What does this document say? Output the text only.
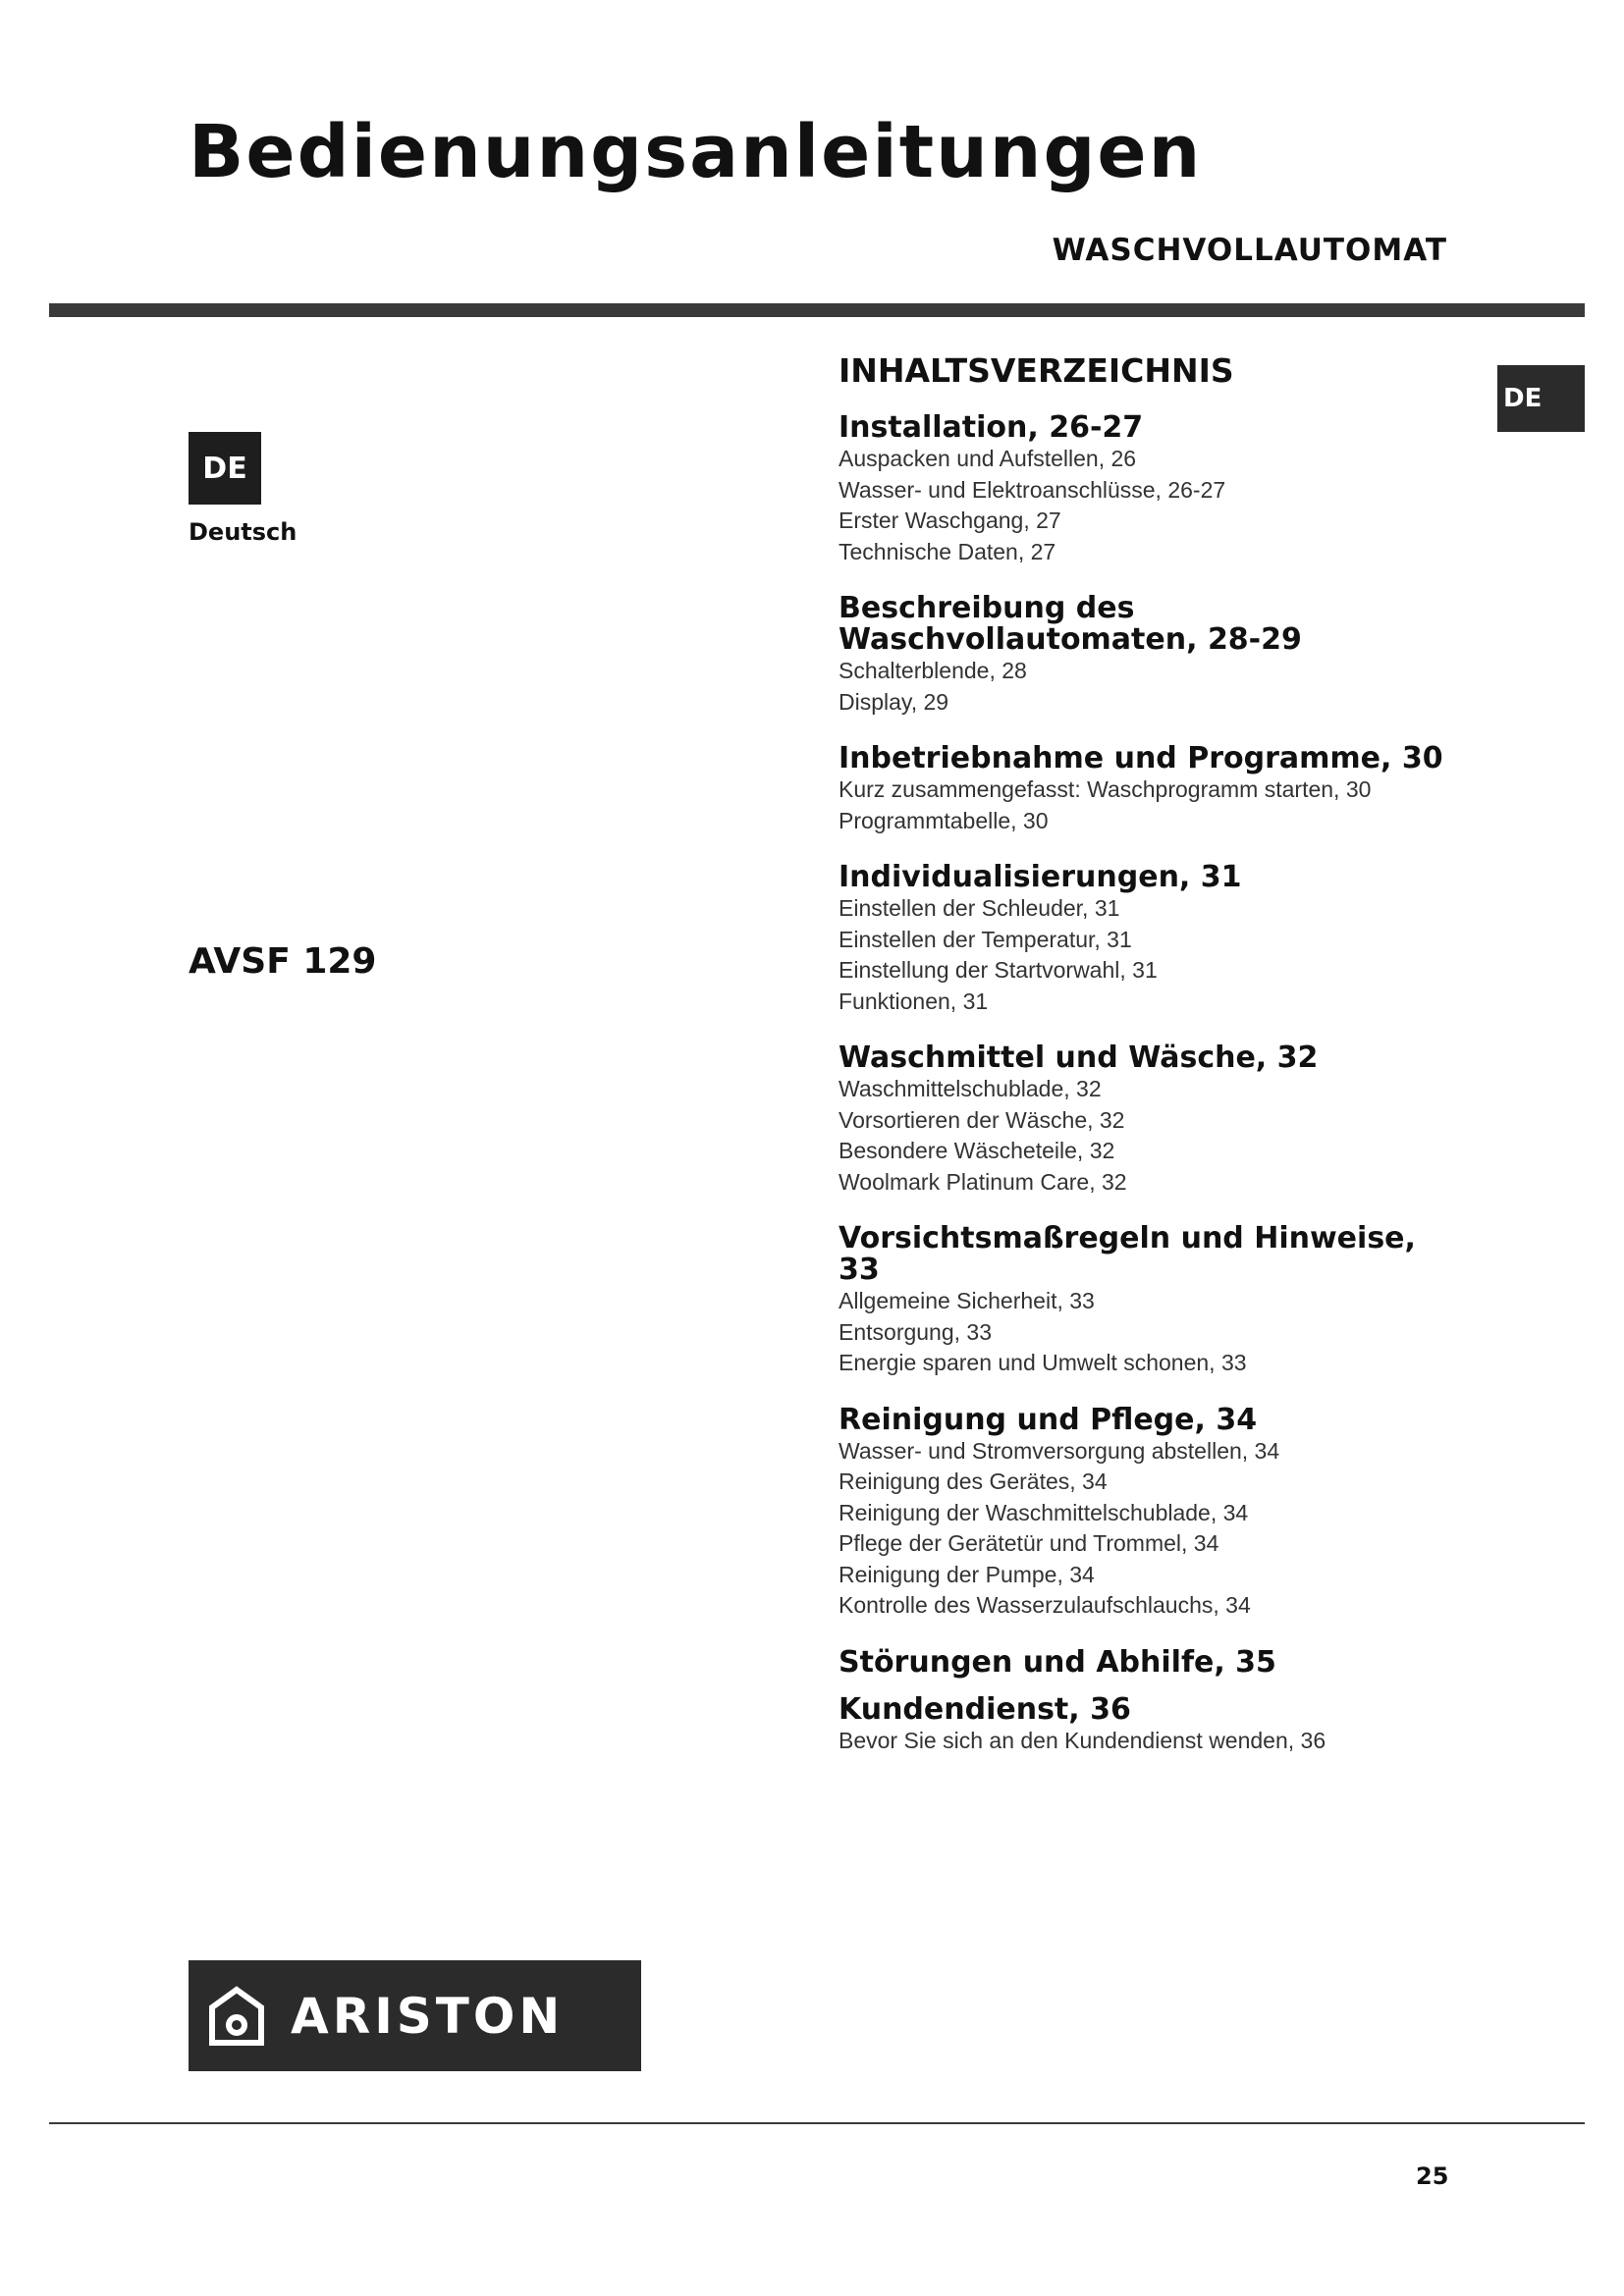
Bedienungsanleitungen
WASCHVOLLAUTOMAT
DE
Deutsch
AVSF 129
DE
INHALTSVERZEICHNIS

Installation, 26-27

Auspacken und Aufstellen, 26
Wasser- und Elektroanschlüsse, 26-27
Erster Waschgang, 27
Technische Daten, 27

Beschreibung des
Waschvollautomaten, 28-29

Schalterblende, 28
Display, 29

Inbetriebnahme und Programme, 30

Kurz zusammengefasst: Waschprogramm starten, 30
Programmtabelle, 30

Individualisierungen, 31

Einstellen der Schleuder, 31
Einstellen der Temperatur, 31
Einstellung der Startvorwahl, 31
Funktionen, 31

Waschmittel und Wäsche, 32

Waschmittelschublade, 32
Vorsortieren der Wäsche, 32
Besondere Wäscheteile, 32
Woolmark Platinum Care, 32

Vorsichtsmaßregeln und Hinweise, 33

Allgemeine Sicherheit, 33
Entsorgung, 33
Energie sparen und Umwelt schonen, 33

Reinigung und Pflege, 34

Wasser- und Stromversorgung abstellen, 34
Reinigung des Gerätes, 34
Reinigung der Waschmittelschublade, 34
Pflege der Gerätetür und Trommel, 34
Reinigung der Pumpe, 34
Kontrolle des Wasserzulaufschlauchs, 34

Störungen und Abhilfe, 35

Kundendienst, 36

Bevor Sie sich an den Kundendienst wenden, 36
ARISTON
25
